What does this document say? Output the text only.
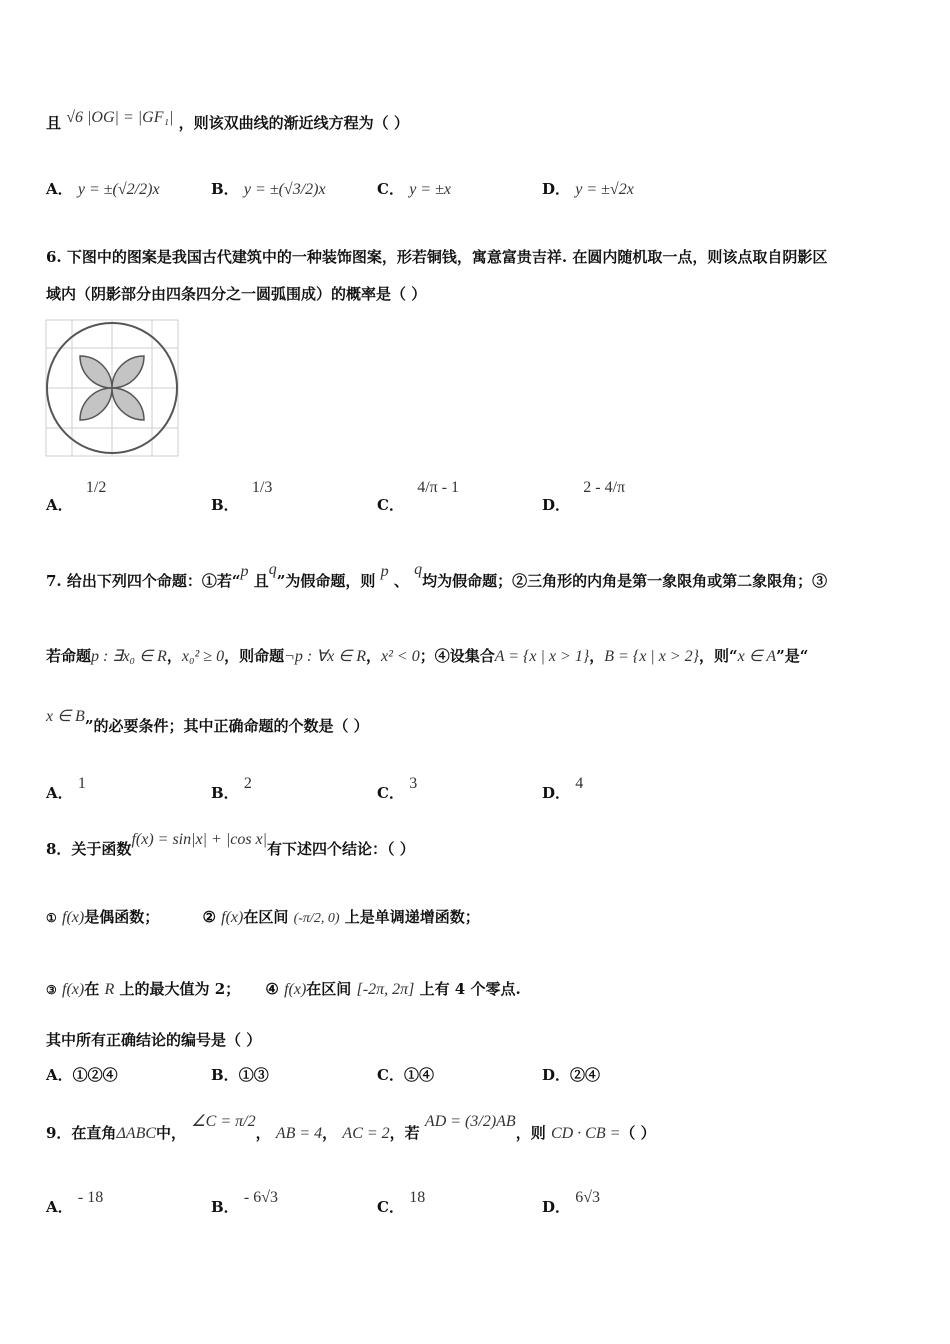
且 √6 |OG| = |GF₁| ，则该双曲线的渐近线方程为（ ）
A． y = ±(√2/2)x	B． y = ±(√3/2)x	C． y = ±x	D． y = ±√2x
6. 下图中的图案是我国古代建筑中的一种装饰图案，形若铜钱，寓意富贵吉祥. 在圆内随机取一点，则该点取自阴影区
域内（阴影部分由四条四分之一圆弧围成）的概率是（ ）
A． 1/2
B． 1/3
C． 4/π - 1
D． 2 - 4/π
7. 给出下列四个命题：①若“p 且q”为假命题，则 p 、 q均为假命题；②三角形的内角是第一象限角或第二象限角；③
若命题p : ∃x₀ ∈ R，x₀² ≥ 0，则命题¬p : ∀x ∈ R，x² < 0；④设集合A = {x | x > 1}，B = {x | x > 2}，则“x ∈ A”是“
x ∈ B”的必要条件；其中正确命题的个数是（ ）
A． 1
B． 2
C． 3
D． 4
8．关于函数f(x) = sin|x| + |cos x|有下述四个结论：（ ）
① f(x)是偶函数；	② f(x)在区间 (-π/2, 0) 上是单调递增函数；
③ f(x)在 R 上的最大值为 2； ④ f(x)在区间 [-2π, 2π] 上有 4 个零点.
其中所有正确结论的编号是（ ）
A．①②④	B．①③	C．①④	D．②④
9．在直角ΔABC中， ∠C = π/2， AB = 4， AC = 2，若 AD = (3/2)AB，则 CD · CB =（ ）
A． - 18
B． - 6√3
C． 18
D． 6√3
